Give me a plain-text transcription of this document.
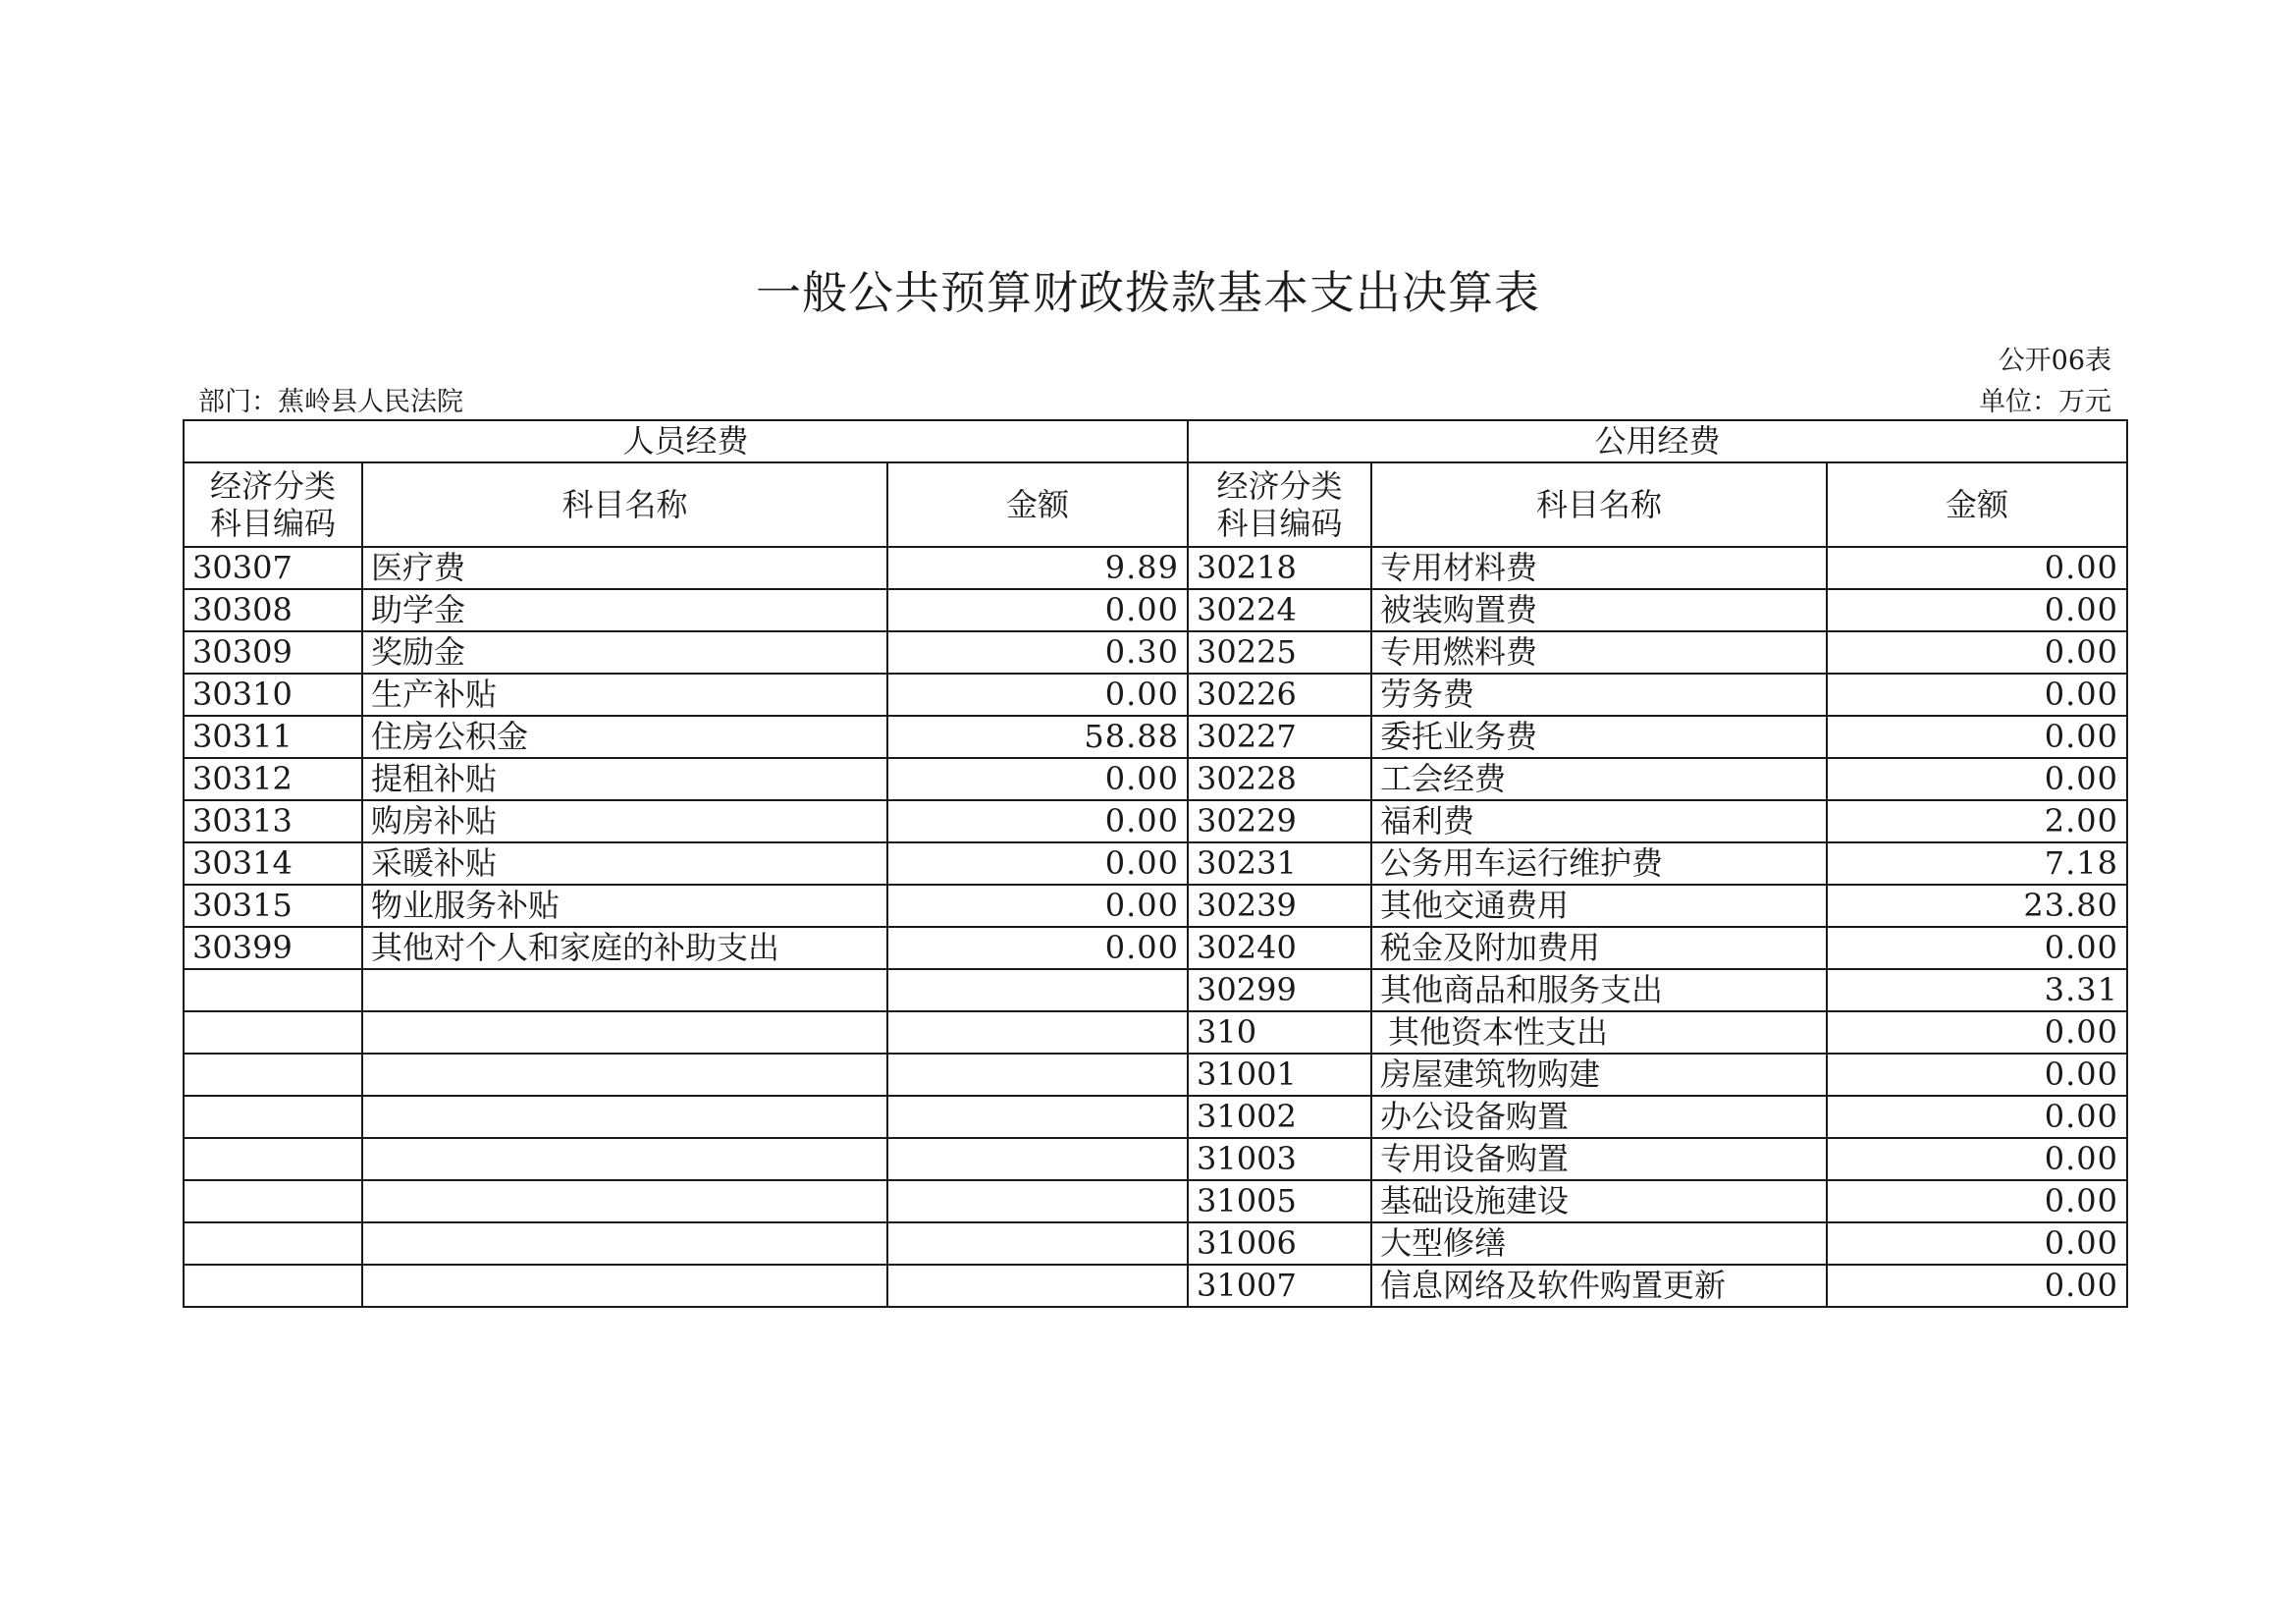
一般公共预算财政拨款基本支出决算表
公开06表
部门：蕉岭县人民法院	单位：万元
人员经费			公用经费		
经济分类科目编码	科目名称	金额	经济分类科目编码	科目名称	金额
30307	医疗费	9.89	30218	专用材料费	0.00
30308	助学金	0.00	30224	被装购置费	0.00
30309	奖励金	0.30	30225	专用燃料费	0.00
30310	生产补贴	0.00	30226	劳务费	0.00
30311	住房公积金	58.88	30227	委托业务费	0.00
30312	提租补贴	0.00	30228	工会经费	0.00
30313	购房补贴	0.00	30229	福利费	2.00
30314	采暖补贴	0.00	30231	公务用车运行维护费	7.18
30315	物业服务补贴	0.00	30239	其他交通费用	23.80
30399	其他对个人和家庭的补助支出	0.00	30240	税金及附加费用	0.00
			30299	其他商品和服务支出	3.31
			310	其他资本性支出	0.00
			31001	房屋建筑物购建	0.00
			31002	办公设备购置	0.00
			31003	专用设备购置	0.00
			31005	基础设施建设	0.00
			31006	大型修缮	0.00
			31007	信息网络及软件购置更新	0.00
